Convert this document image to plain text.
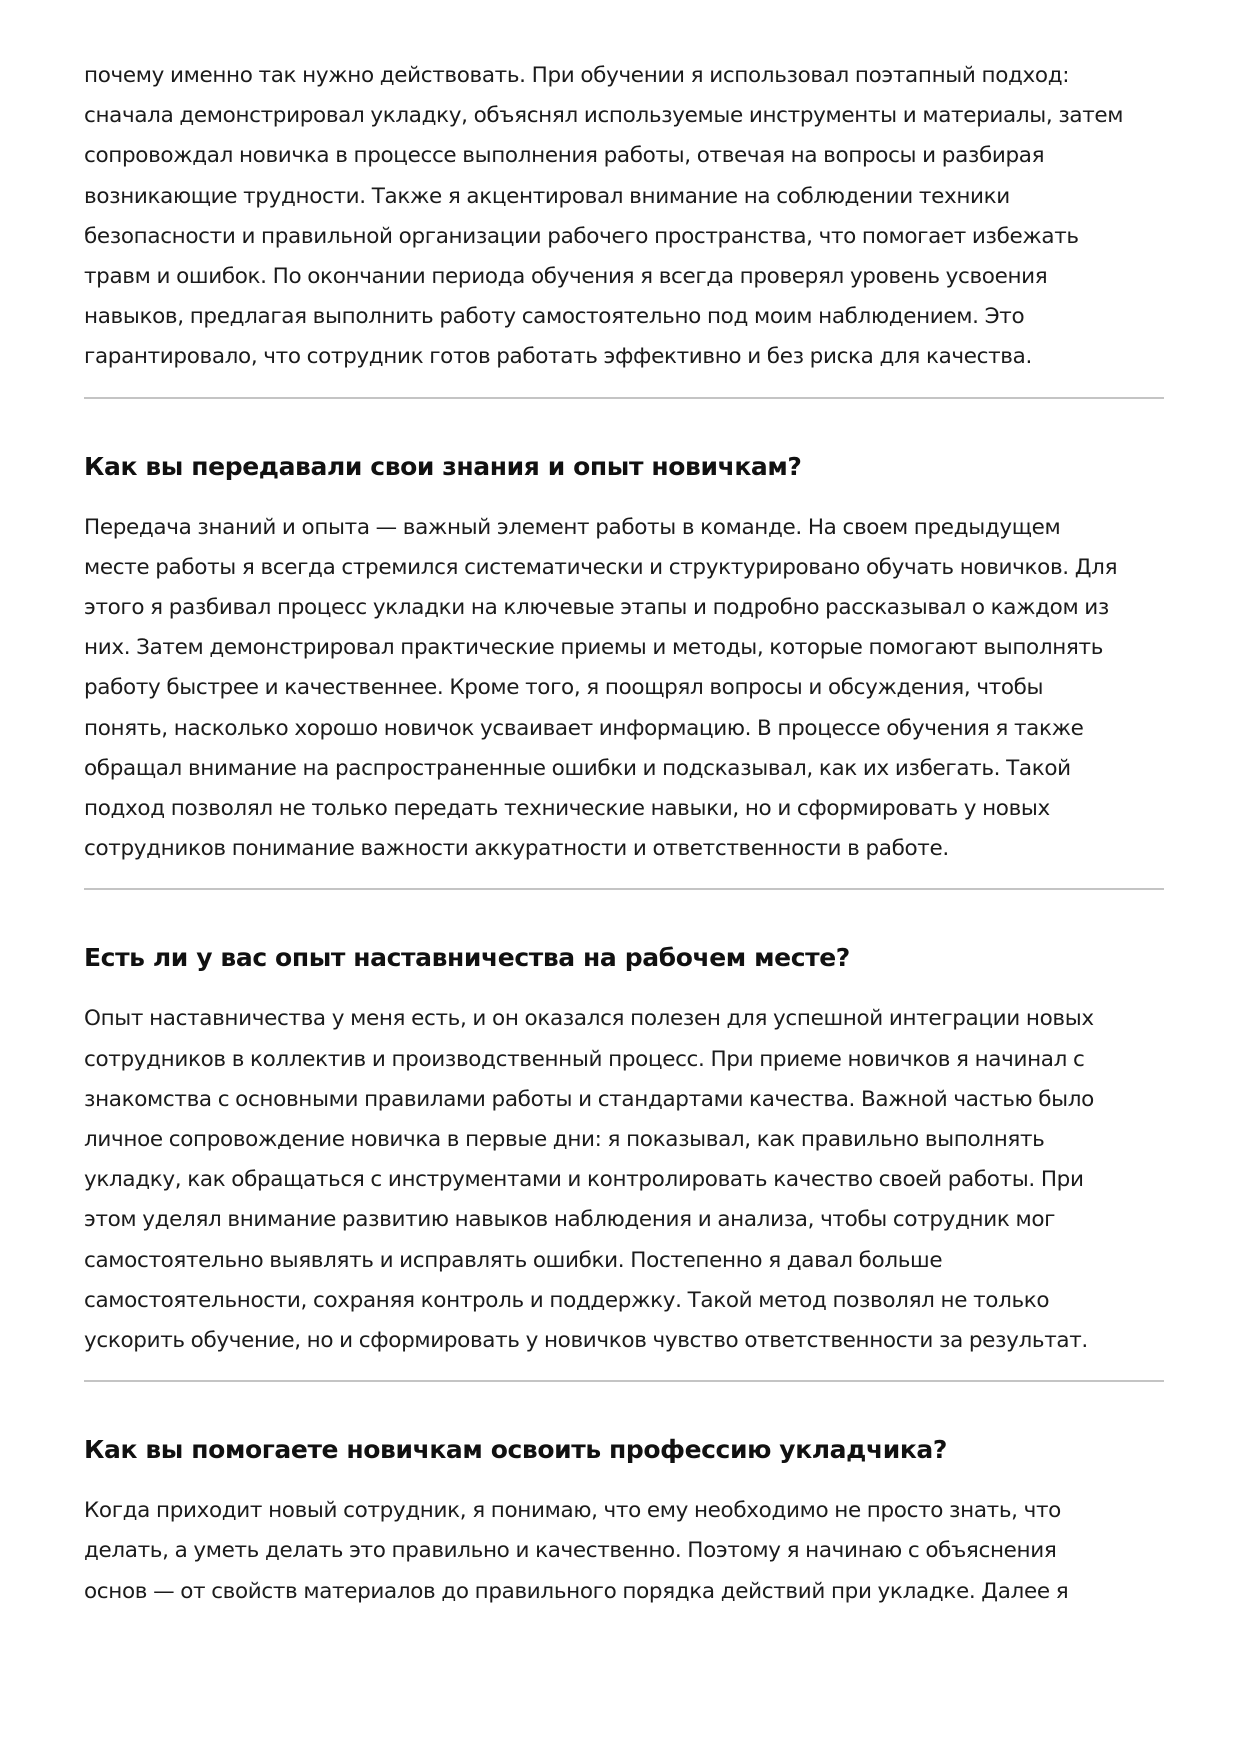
почему именно так нужно действовать. При обучении я использовал поэтапный подход:
сначала демонстрировал укладку, объяснял используемые инструменты и материалы, затем
сопровождал новичка в процессе выполнения работы, отвечая на вопросы и разбирая
возникающие трудности. Также я акцентировал внимание на соблюдении техники
безопасности и правильной организации рабочего пространства, что помогает избежать
травм и ошибок. По окончании периода обучения я всегда проверял уровень усвоения
навыков, предлагая выполнить работу самостоятельно под моим наблюдением. Это
гарантировало, что сотрудник готов работать эффективно и без риска для качества.

Как вы передавали свои знания и опыт новичкам?

Передача знаний и опыта — важный элемент работы в команде. На своем предыдущем
месте работы я всегда стремился систематически и структурировано обучать новичков. Для
этого я разбивал процесс укладки на ключевые этапы и подробно рассказывал о каждом из
них. Затем демонстрировал практические приемы и методы, которые помогают выполнять
работу быстрее и качественнее. Кроме того, я поощрял вопросы и обсуждения, чтобы
понять, насколько хорошо новичок усваивает информацию. В процессе обучения я также
обращал внимание на распространенные ошибки и подсказывал, как их избегать. Такой
подход позволял не только передать технические навыки, но и сформировать у новых
сотрудников понимание важности аккуратности и ответственности в работе.

Есть ли у вас опыт наставничества на рабочем месте?

Опыт наставничества у меня есть, и он оказался полезен для успешной интеграции новых
сотрудников в коллектив и производственный процесс. При приеме новичков я начинал с
знакомства с основными правилами работы и стандартами качества. Важной частью было
личное сопровождение новичка в первые дни: я показывал, как правильно выполнять
укладку, как обращаться с инструментами и контролировать качество своей работы. При
этом уделял внимание развитию навыков наблюдения и анализа, чтобы сотрудник мог
самостоятельно выявлять и исправлять ошибки. Постепенно я давал больше
самостоятельности, сохраняя контроль и поддержку. Такой метод позволял не только
ускорить обучение, но и сформировать у новичков чувство ответственности за результат.

Как вы помогаете новичкам освоить профессию укладчика?

Когда приходит новый сотрудник, я понимаю, что ему необходимо не просто знать, что
делать, а уметь делать это правильно и качественно. Поэтому я начинаю с объяснения
основ — от свойств материалов до правильного порядка действий при укладке. Далее я
